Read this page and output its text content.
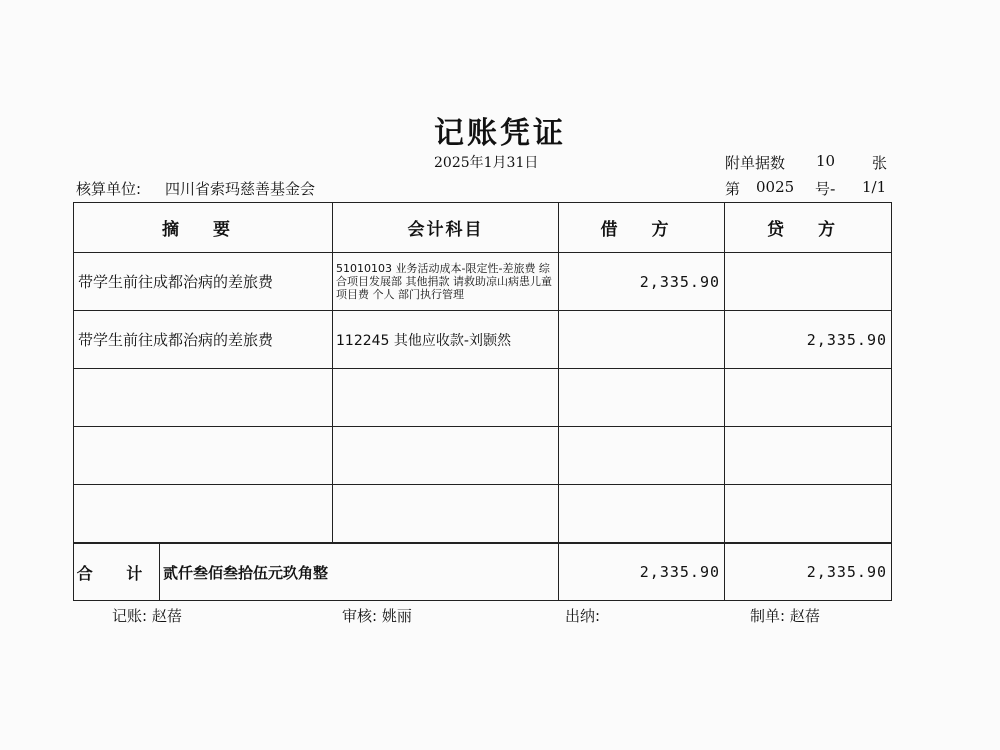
记账凭证
2025年1月31日	附单据数 10 张
核算单位: 四川省索玛慈善基金会	第 0025 号- 1/1
摘 要		会计科目	借 方	贷 方
带学生前往成都治病的差旅费		51010103 业务活动成本-限定性-差旅费 综合项目发展部 其他捐款 请救助凉山病患儿童 项目费 个人 部门执行管理	2,335.90	
带学生前往成都治病的差旅费		112245 其他应收款-刘颢然		2,335.90

合 计	贰仟叁佰叁拾伍元玖角整		2,335.90	2,335.90
记账: 赵蓓	审核: 姚丽	出纳:	制单: 赵蓓
